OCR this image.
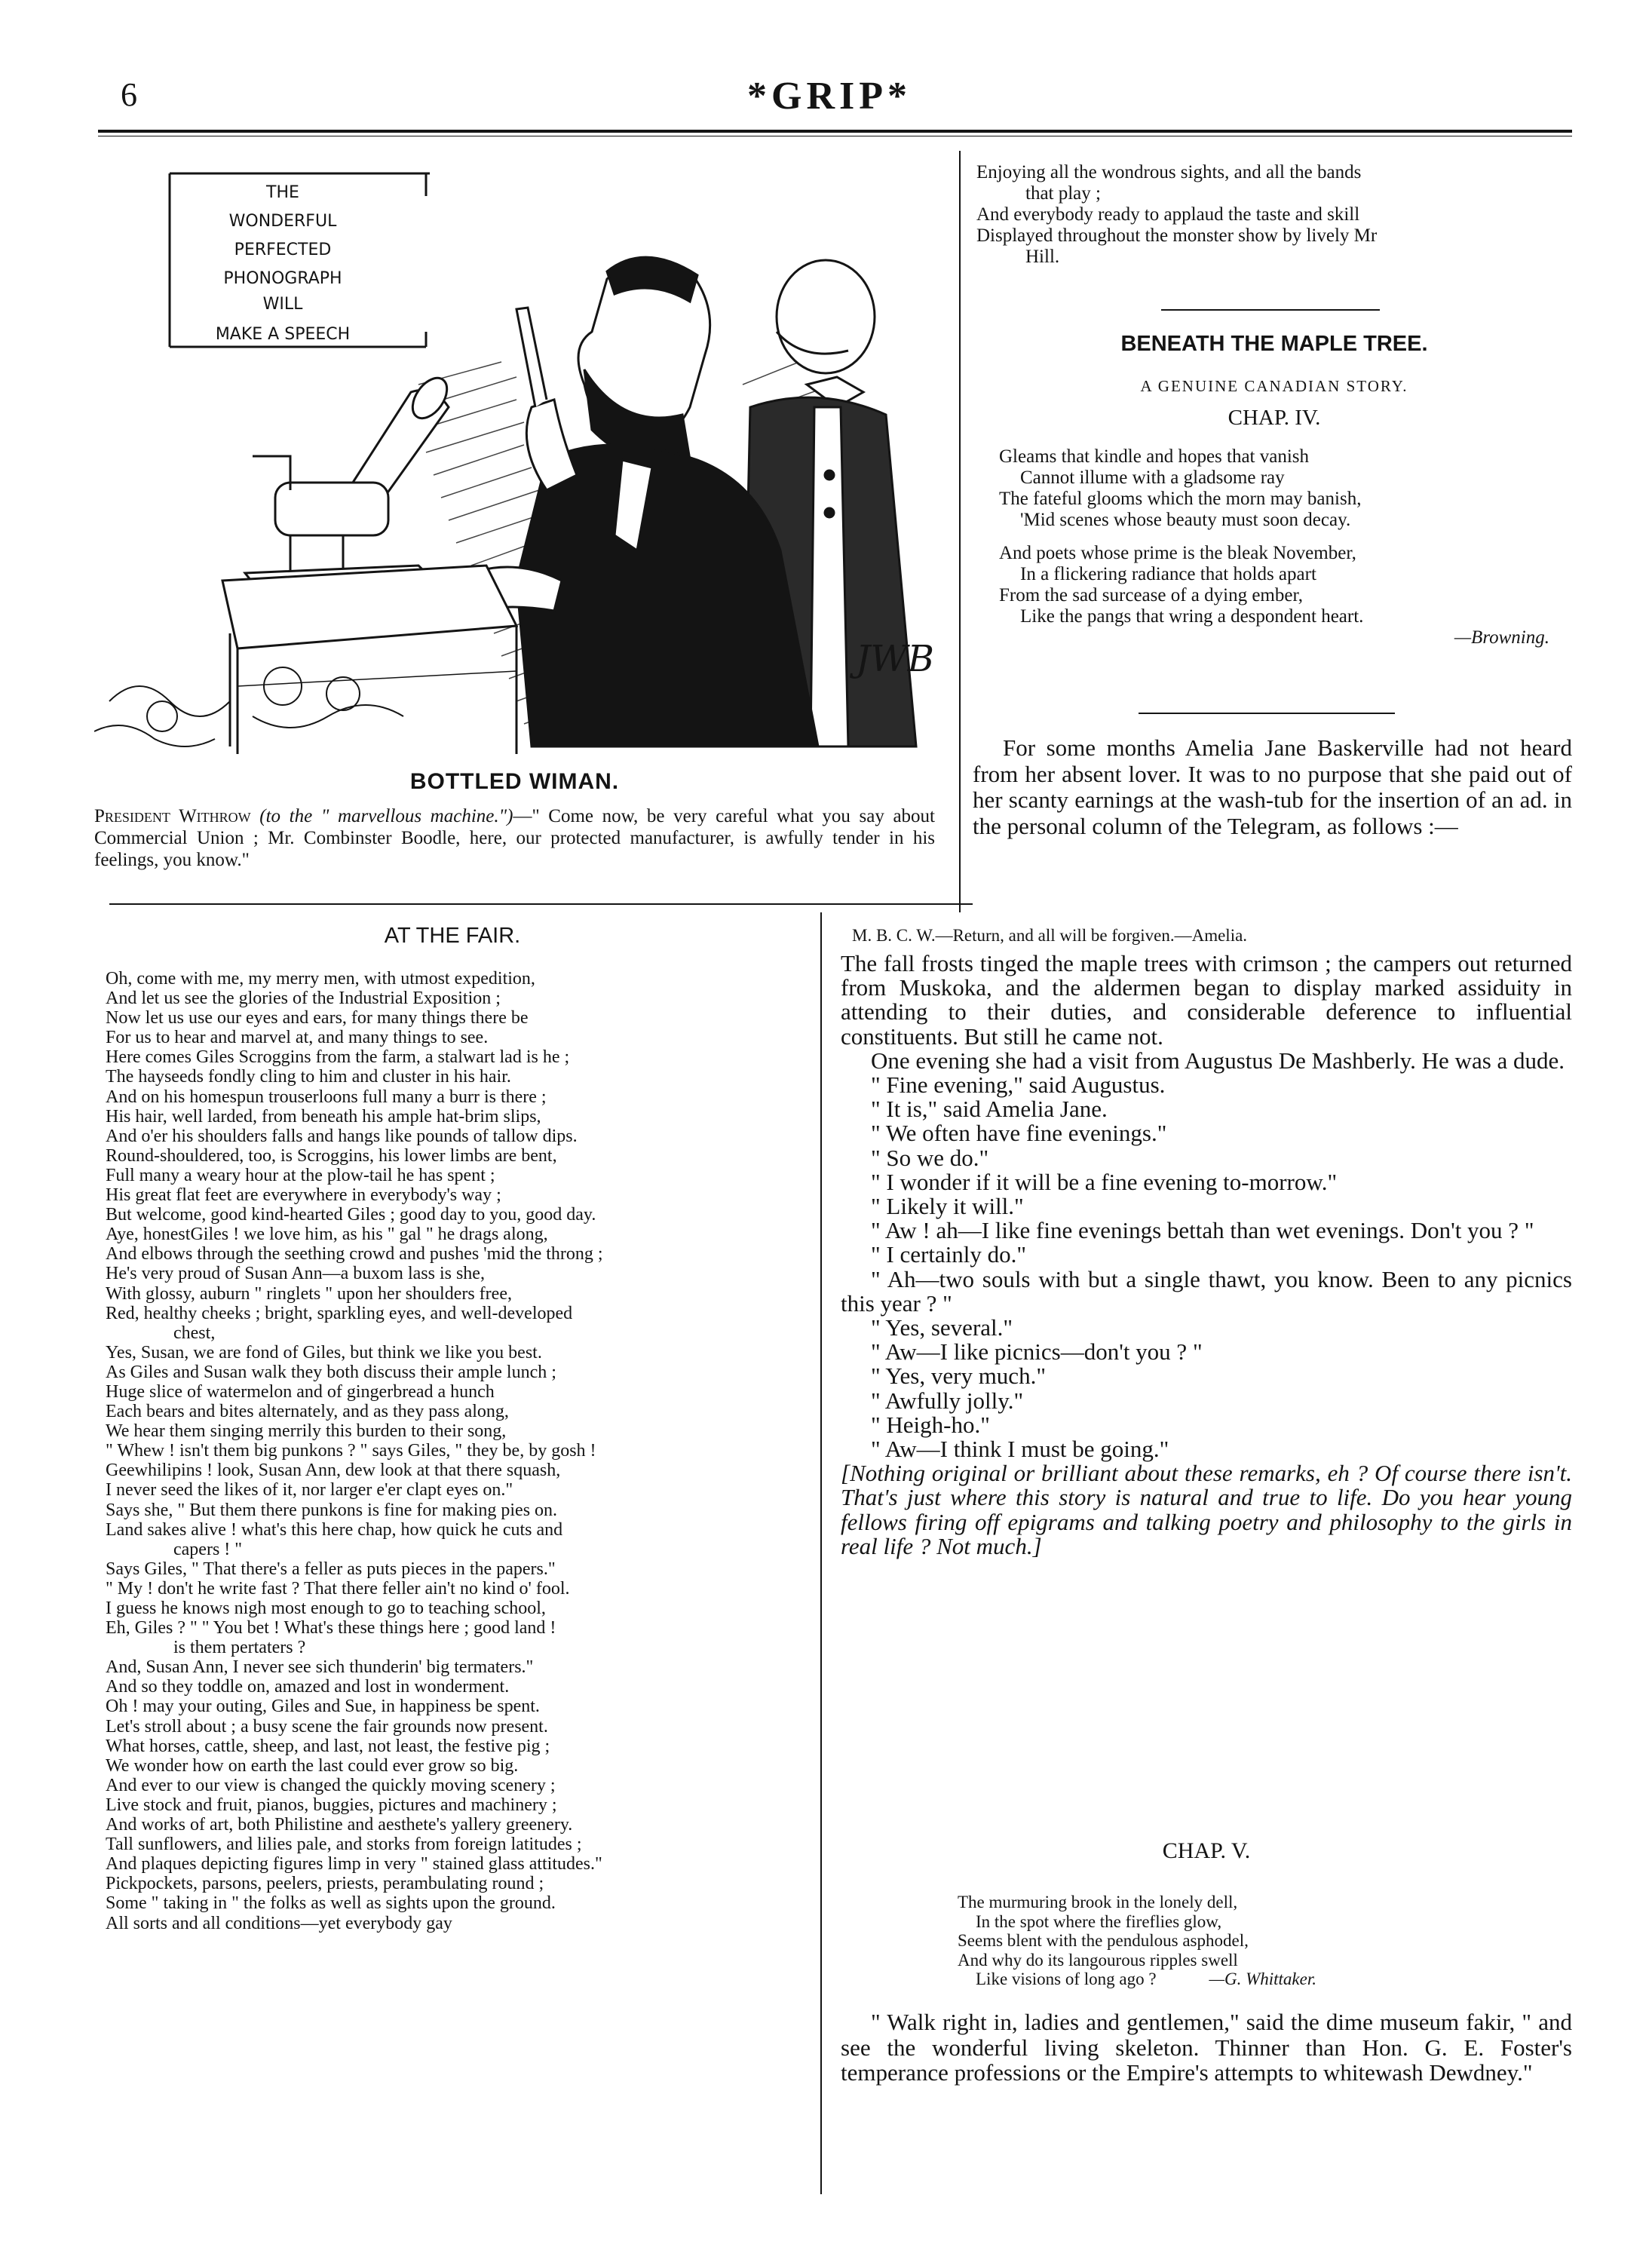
6	*GRIP*
THE
WONDERFUL
PERFECTED
PHONOGRAPH
WILL
MAKE A SPEECH
JWB
BOTTLED WIMAN.
President Withrow (to the " marvellous machine.")—" Come now, be very careful what you say about Commercial Union ; Mr. Combinster Boodle, here, our protected manufacturer, is awfully tender in his feelings, you know."
AT THE FAIR.
Oh, come with me, my merry men, with utmost expedition,
And let us see the glories of the Industrial Exposition ;
Now let us use our eyes and ears, for many things there be
For us to hear and marvel at, and many things to see.
Here comes Giles Scroggins from the farm, a stalwart lad is he ;
The hayseeds fondly cling to him and cluster in his hair.
And on his homespun trouserloons full many a burr is there ;
His hair, well larded, from beneath his ample hat-brim slips,
And o'er his shoulders falls and hangs like pounds of tallow dips.
Round-shouldered, too, is Scroggins, his lower limbs are bent,
Full many a weary hour at the plow-tail he has spent ;
His great flat feet are everywhere in everybody's way ;
But welcome, good kind-hearted Giles ; good day to you, good day.
Aye, honestGiles ! we love him, as his " gal " he drags along,
And elbows through the seething crowd and pushes 'mid the throng ;
He's very proud of Susan Ann—a buxom lass is she,
With glossy, auburn " ringlets " upon her shoulders free,
Red, healthy cheeks ; bright, sparkling eyes, and well-developed
chest,
Yes, Susan, we are fond of Giles, but think we like you best.
As Giles and Susan walk they both discuss their ample lunch ;
Huge slice of watermelon and of gingerbread a hunch
Each bears and bites alternately, and as they pass along,
We hear them singing merrily this burden to their song,
" Whew ! isn't them big punkons ? " says Giles, " they be, by gosh !
Geewhilipins ! look, Susan Ann, dew look at that there squash,
I never seed the likes of it, nor larger e'er clapt eyes on."
Says she, " But them there punkons is fine for making pies on.
Land sakes alive ! what's this here chap, how quick he cuts and
capers ! "
Says Giles, " That there's a feller as puts pieces in the papers."
" My ! don't he write fast ? That there feller ain't no kind o' fool.
I guess he knows nigh most enough to go to teaching school,
Eh, Giles ? " " You bet ! What's these things here ; good land !
is them pertaters ?
And, Susan Ann, I never see sich thunderin' big termaters."
And so they toddle on, amazed and lost in wonderment.
Oh ! may your outing, Giles and Sue, in happiness be spent.
Let's stroll about ; a busy scene the fair grounds now present.
What horses, cattle, sheep, and last, not least, the festive pig ;
We wonder how on earth the last could ever grow so big.
And ever to our view is changed the quickly moving scenery ;
Live stock and fruit, pianos, buggies, pictures and machinery ;
And works of art, both Philistine and aesthete's yallery greenery.
Tall sunflowers, and lilies pale, and storks from foreign latitudes ;
And plaques depicting figures limp in very " stained glass attitudes."
Pickpockets, parsons, peelers, priests, perambulating round ;
Some " taking in " the folks as well as sights upon the ground.
All sorts and all conditions—yet everybody gay
Enjoying all the wondrous sights, and all the bands
that play ;
And everybody ready to applaud the taste and skill
Displayed throughout the monster show by lively Mr
Hill.
BENEATH THE MAPLE TREE.
A GENUINE CANADIAN STORY.
CHAP. IV.
Gleams that kindle and hopes that vanish
Cannot illume with a gladsome ray
The fateful glooms which the morn may banish,
'Mid scenes whose beauty must soon decay.
And poets whose prime is the bleak November,
In a flickering radiance that holds apart
From the sad surcease of a dying ember,
Like the pangs that wring a despondent heart.
—Browning.

For some months Amelia Jane Baskerville had not heard from her absent lover. It was to no purpose that she paid out of her scanty earnings at the wash-tub for the insertion of an ad. in the personal column of the Telegram, as follows :—

M. B. C. W.—Return, and all will be forgiven.—Amelia.

The fall frosts tinged the maple trees with crimson ; the campers out returned from Muskoka, and the aldermen began to display marked assiduity in attending to their duties, and considerable deference to influential constituents. But still he came not.

One evening she had a visit from Augustus De Mashberly. He was a dude.

" Fine evening," said Augustus.

" It is," said Amelia Jane.

" We often have fine evenings."

" So we do."

" I wonder if it will be a fine evening to-morrow."

" Likely it will."

" Aw ! ah—I like fine evenings bettah than wet evenings. Don't you ? "

" I certainly do."

" Ah—two souls with but a single thawt, you know. Been to any picnics this year ? "

" Yes, several."

" Aw—I like picnics—don't you ? "

" Yes, very much."

" Awfully jolly."

" Heigh-ho."

" Aw—I think I must be going."

[Nothing original or brilliant about these remarks, eh ? Of course there isn't. That's just where this story is natural and true to life. Do you hear young fellows firing off epigrams and talking poetry and philosophy to the girls in real life ? Not much.]

CHAP. V.
The murmuring brook in the lonely dell,
In the spot where the fireflies glow,
Seems blent with the pendulous asphodel,
And why do its langourous ripples swell
Like visions of long ago ?	—G. Whittaker.

" Walk right in, ladies and gentlemen," said the dime museum fakir, " and see the wonderful living skeleton. Thinner than Hon. G. E. Foster's temperance professions or the Empire's attempts to whitewash Dewdney."
